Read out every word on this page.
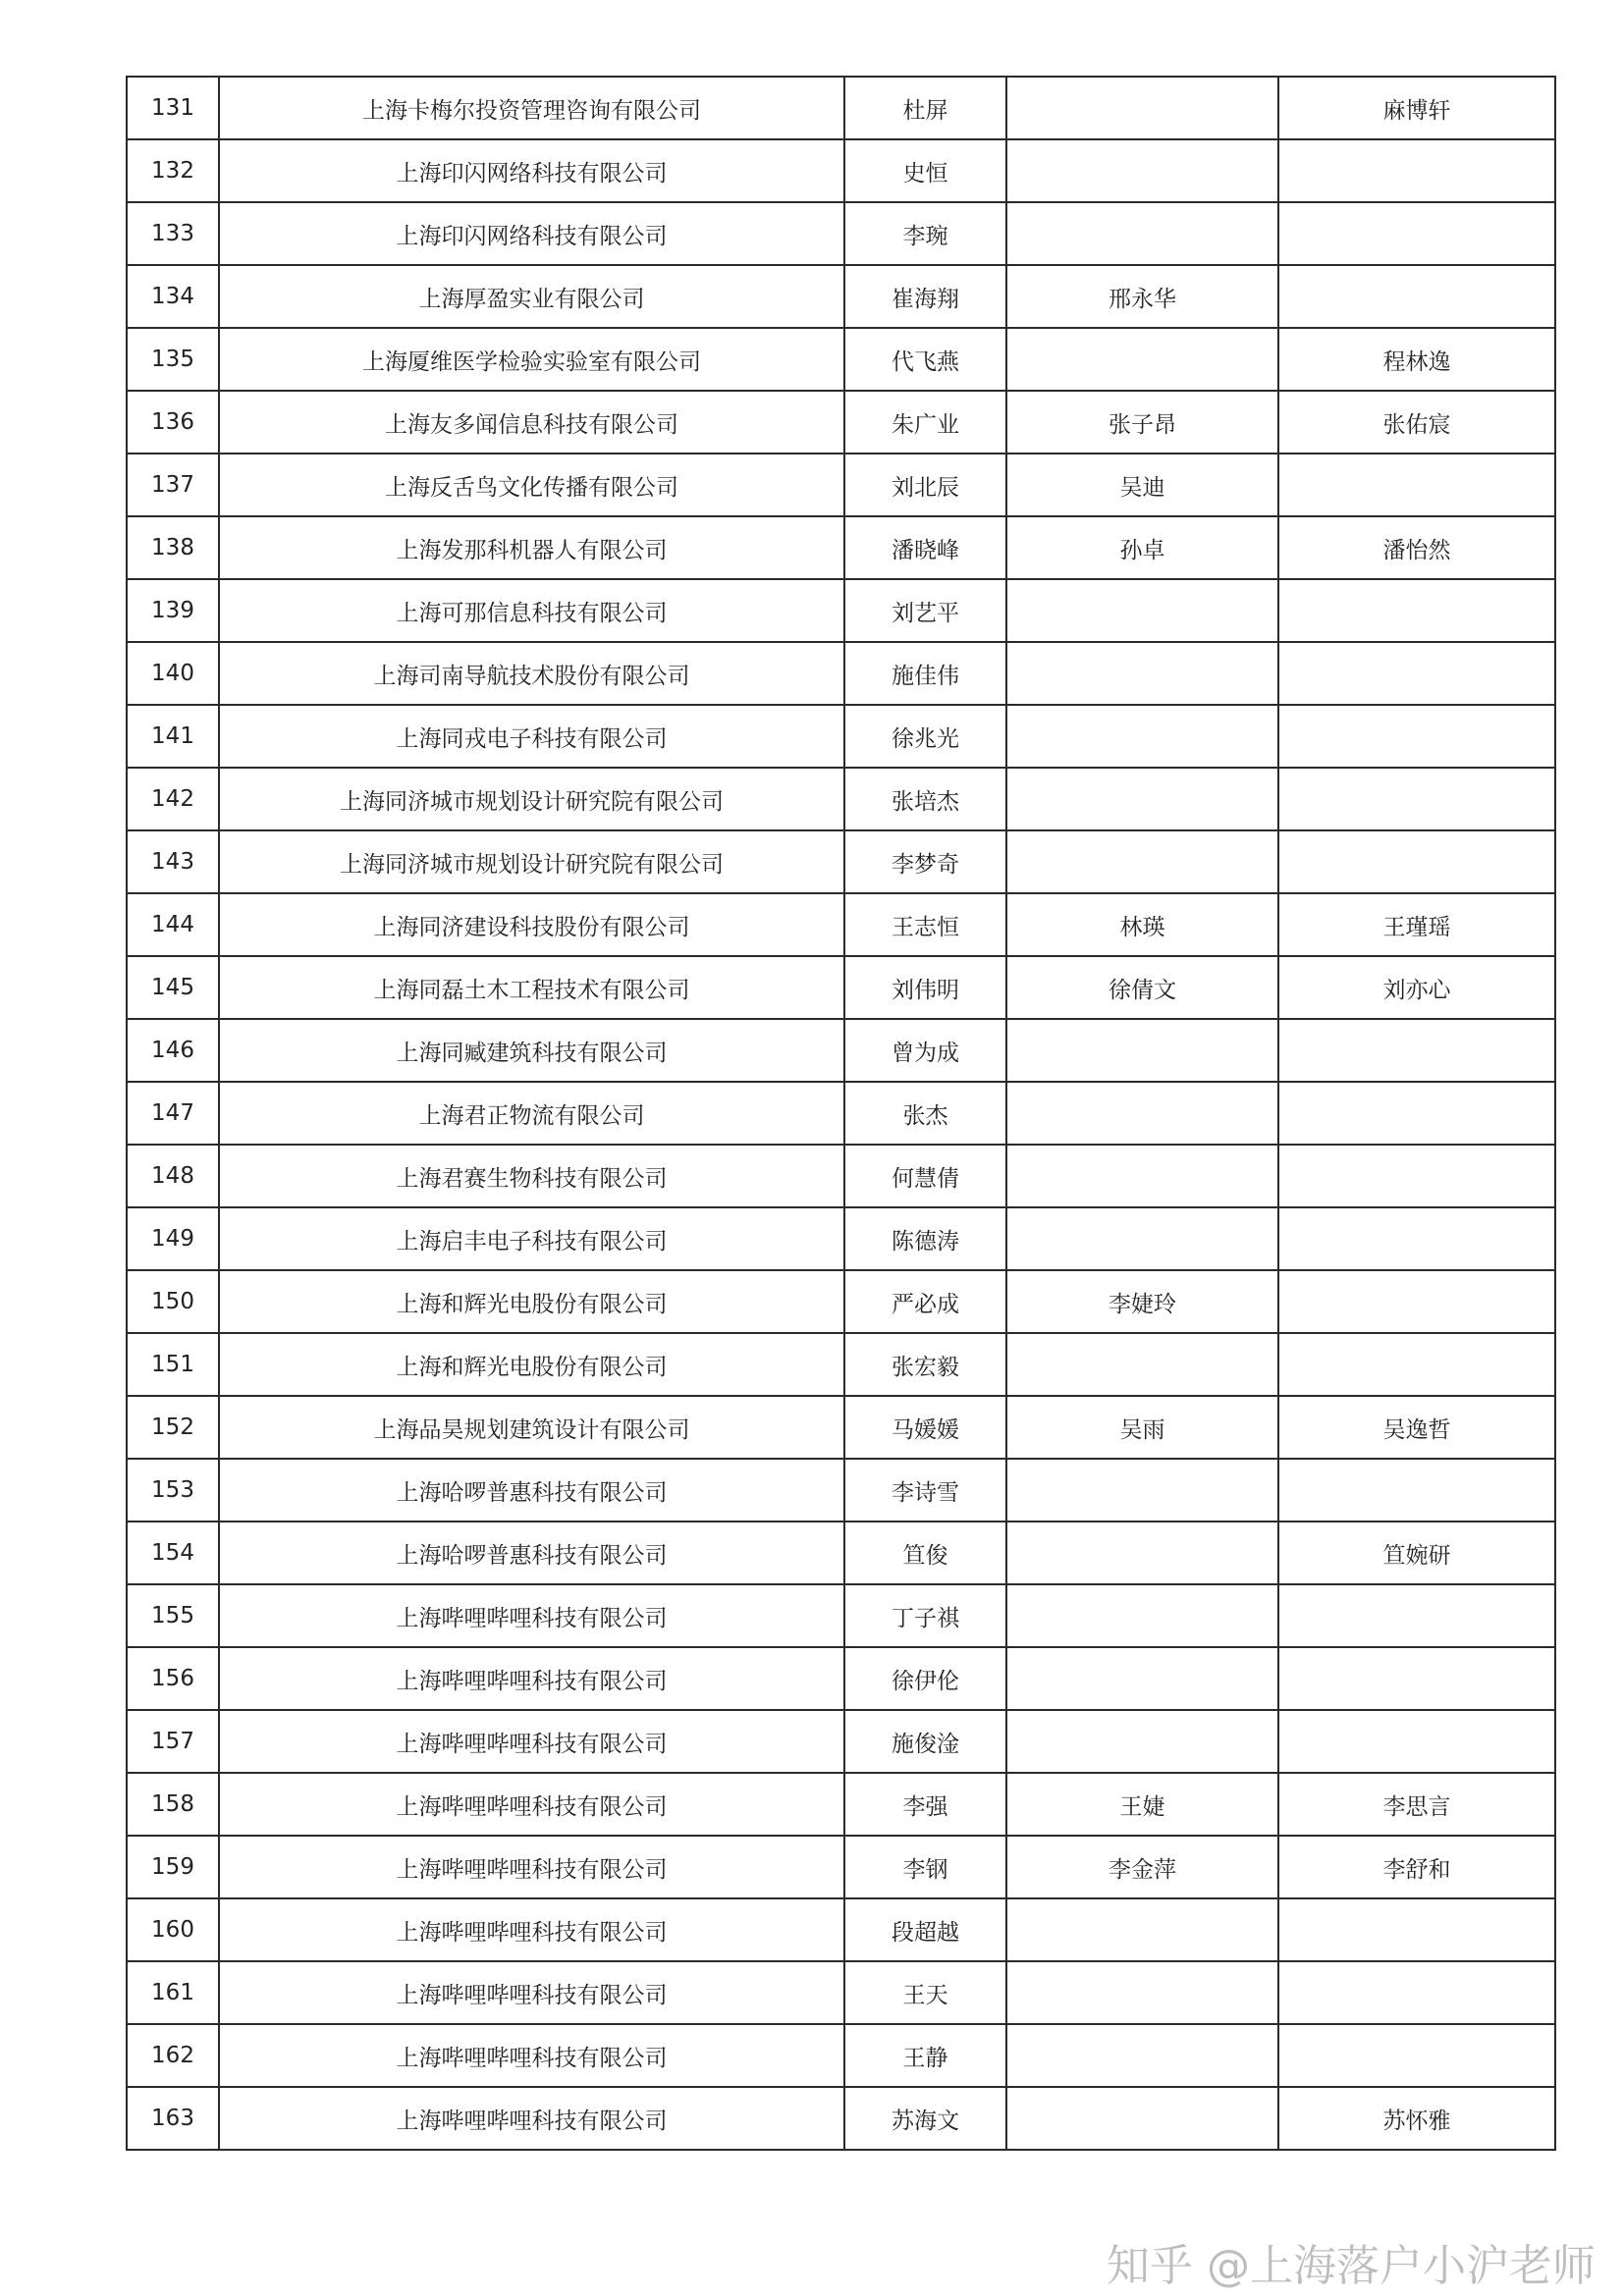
131	上海卡梅尔投资管理咨询有限公司	杜屏		麻博轩
132	上海印闪网络科技有限公司	史恒		
133	上海印闪网络科技有限公司	李琬		
134	上海厚盈实业有限公司	崔海翔	邢永华	
135	上海厦维医学检验实验室有限公司	代飞燕		程林逸
136	上海友多闻信息科技有限公司	朱广业	张子昂	张佑宸
137	上海反舌鸟文化传播有限公司	刘北辰	吴迪	
138	上海发那科机器人有限公司	潘晓峰	孙卓	潘怡然
139	上海可那信息科技有限公司	刘艺平		
140	上海司南导航技术股份有限公司	施佳伟		
141	上海同戎电子科技有限公司	徐兆光		
142	上海同济城市规划设计研究院有限公司	张培杰		
143	上海同济城市规划设计研究院有限公司	李梦奇		
144	上海同济建设科技股份有限公司	王志恒	林瑛	王瑾瑶
145	上海同磊土木工程技术有限公司	刘伟明	徐倩文	刘亦心
146	上海同臧建筑科技有限公司	曾为成		
147	上海君正物流有限公司	张杰		
148	上海君赛生物科技有限公司	何慧倩		
149	上海启丰电子科技有限公司	陈德涛		
150	上海和辉光电股份有限公司	严必成	李婕玲	
151	上海和辉光电股份有限公司	张宏毅		
152	上海品昊规划建筑设计有限公司	马媛媛	吴雨	吴逸哲
153	上海哈啰普惠科技有限公司	李诗雪		
154	上海哈啰普惠科技有限公司	笪俊		笪婉研
155	上海哔哩哔哩科技有限公司	丁子祺		
156	上海哔哩哔哩科技有限公司	徐伊伦		
157	上海哔哩哔哩科技有限公司	施俊淦		
158	上海哔哩哔哩科技有限公司	李强	王婕	李思言
159	上海哔哩哔哩科技有限公司	李钢	李金萍	李舒和
160	上海哔哩哔哩科技有限公司	段超越		
161	上海哔哩哔哩科技有限公司	王天		
162	上海哔哩哔哩科技有限公司	王静		
163	上海哔哩哔哩科技有限公司	苏海文		苏怀雅
知乎 @上海落户小沪老师
